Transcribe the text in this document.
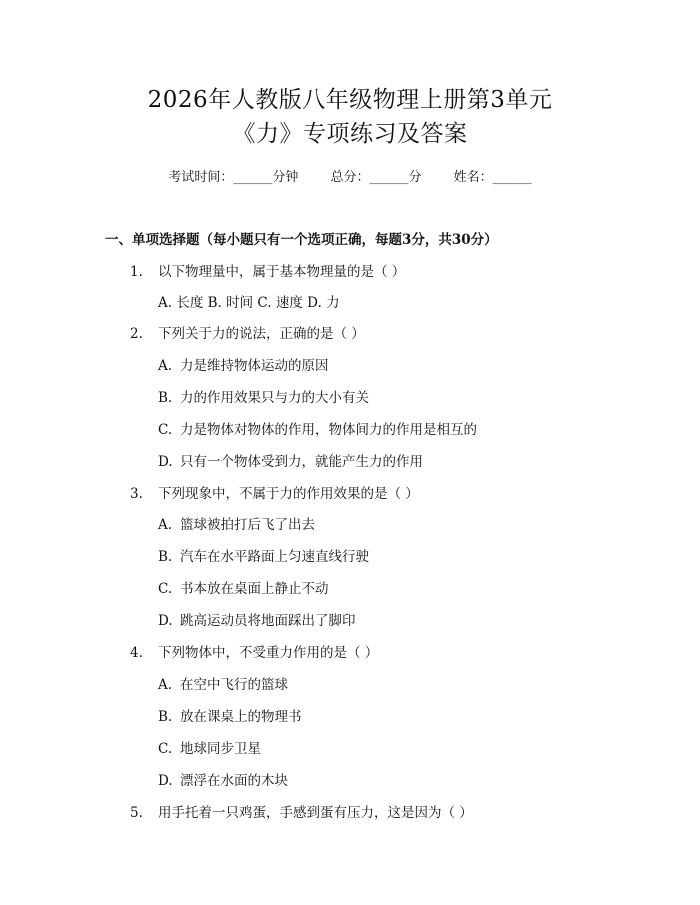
2026年人教版八年级物理上册第3单元
《力》专项练习及答案
考试时间：______分钟 总分：______分 姓名：______
一、单项选择题（每小题只有一个选项正确，每题3分，共30分）
1. 以下物理量中，属于基本物理量的是（ ）
A. 长度 B. 时间 C. 速度 D. 力
2. 下列关于力的说法，正确的是（ ）
A. 力是维持物体运动的原因
B. 力的作用效果只与力的大小有关
C. 力是物体对物体的作用，物体间力的作用是相互的
D. 只有一个物体受到力，就能产生力的作用
3. 下列现象中，不属于力的作用效果的是（ ）
A. 篮球被拍打后飞了出去
B. 汽车在水平路面上匀速直线行驶
C. 书本放在桌面上静止不动
D. 跳高运动员将地面踩出了脚印
4. 下列物体中，不受重力作用的是（ ）
A. 在空中飞行的篮球
B. 放在课桌上的物理书
C. 地球同步卫星
D. 漂浮在水面的木块
5. 用手托着一只鸡蛋，手感到蛋有压力，这是因为（ ）
